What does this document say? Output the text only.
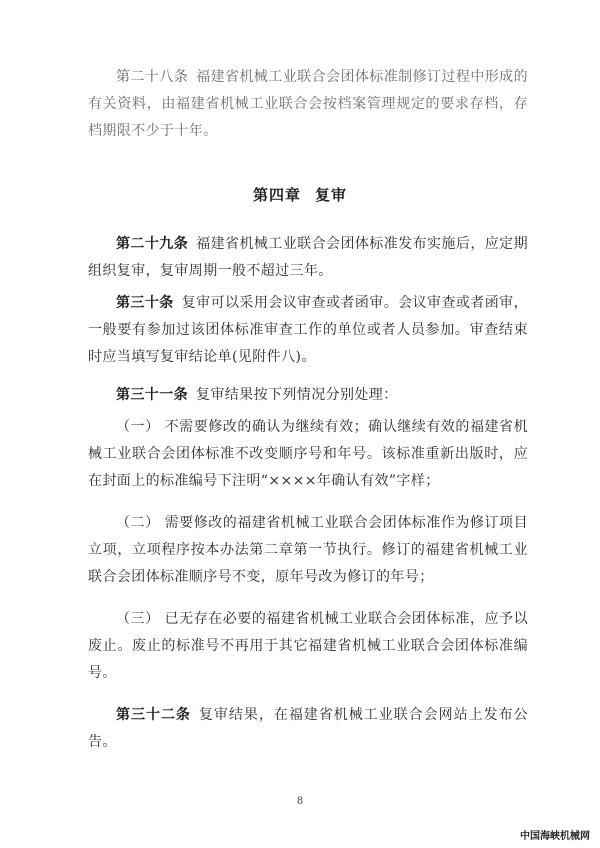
第二十八条 福建省机械工业联合会团体标准制修订过程中形成的有关资料，由福建省机械工业联合会按档案管理规定的要求存档，存档期限不少于十年。

第四章 复审

第二十九条 福建省机械工业联合会团体标准发布实施后，应定期组织复审，复审周期一般不超过三年。

第三十条 复审可以采用会议审查或者函审。会议审查或者函审，一般要有参加过该团体标准审查工作的单位或者人员参加。审查结束时应当填写复审结论单(见附件八)。

第三十一条 复审结果按下列情况分别处理：

（一） 不需要修改的确认为继续有效；确认继续有效的福建省机械工业联合会团体标准不改变顺序号和年号。该标准重新出版时，应在封面上的标准编号下注明“××××年确认有效”字样；

（二） 需要修改的福建省机械工业联合会团体标准作为修订项目立项，立项程序按本办法第二章第一节执行。修订的福建省机械工业联合会团体标准顺序号不变，原年号改为修订的年号；

（三） 已无存在必要的福建省机械工业联合会团体标准，应予以废止。废止的标准号不再用于其它福建省机械工业联合会团体标准编号。

第三十二条 复审结果，在福建省机械工业联合会网站上发布公告。

8
中国海峡机械网
